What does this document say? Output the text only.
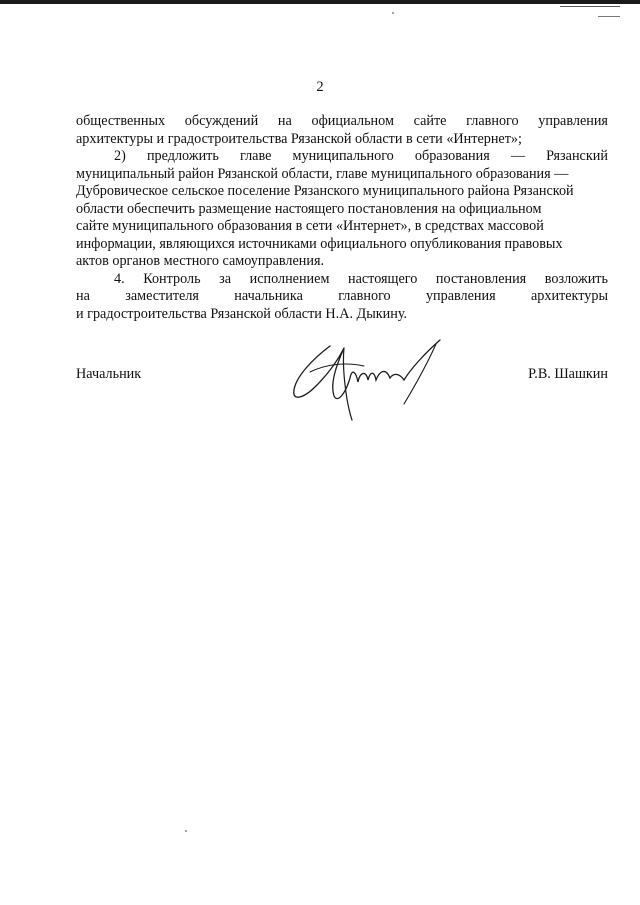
2
общественных обсуждений на официальном сайте главного управления
архитектуры и градостроительства Рязанской области в сети «Интернет»;
2) предложить главе муниципального образования — Рязанский
муниципальный район Рязанской области, главе муниципального образования —
Дубровическое сельское поселение Рязанского муниципального района Рязанской
области обеспечить размещение настоящего постановления на официальном
сайте муниципального образования в сети «Интернет», в средствах массовой
информации, являющихся источниками официального опубликования правовых
актов органов местного самоуправления.
4. Контроль за исполнением настоящего постановления возложить
на заместителя начальника главного управления архитектуры
и градостроительства Рязанской области Н.А. Дыкину.
Начальник	Р.В. Шашкин
